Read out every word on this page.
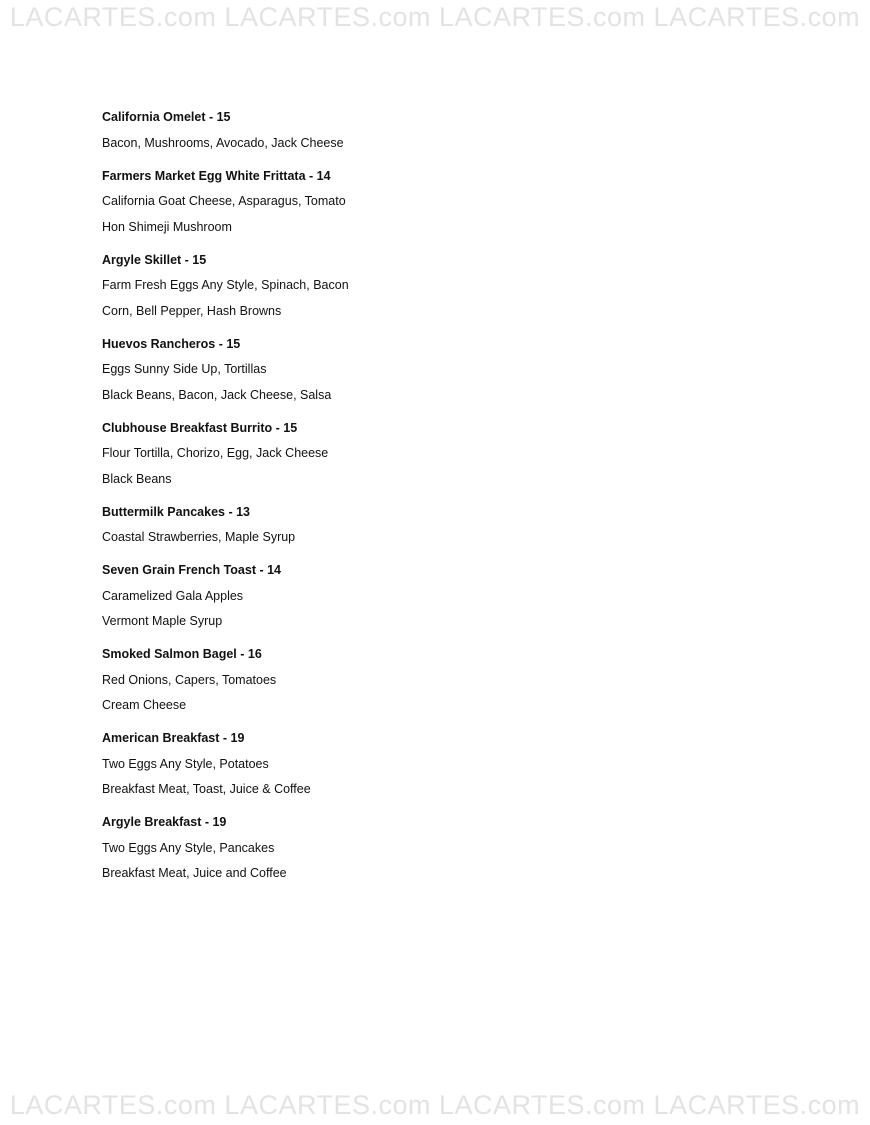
LACARTES.com LACARTES.com LACARTES.com LACARTES.com
California Omelet - 15
Bacon, Mushrooms, Avocado, Jack Cheese
Farmers Market Egg White Frittata - 14
California Goat Cheese, Asparagus, Tomato
Hon Shimeji Mushroom
Argyle Skillet - 15
Farm Fresh Eggs Any Style, Spinach, Bacon
Corn, Bell Pepper, Hash Browns
Huevos Rancheros - 15
Eggs Sunny Side Up, Tortillas
Black Beans, Bacon, Jack Cheese, Salsa
Clubhouse Breakfast Burrito - 15
Flour Tortilla, Chorizo, Egg, Jack Cheese
Black Beans
Buttermilk Pancakes - 13
Coastal Strawberries, Maple Syrup
Seven Grain French Toast - 14
Caramelized Gala Apples
Vermont Maple Syrup
Smoked Salmon Bagel - 16
Red Onions, Capers, Tomatoes
Cream Cheese
American Breakfast - 19
Two Eggs Any Style, Potatoes
Breakfast Meat, Toast, Juice & Coffee
Argyle Breakfast - 19
Two Eggs Any Style, Pancakes
Breakfast Meat, Juice and Coffee
LACARTES.com LACARTES.com LACARTES.com LACARTES.com
